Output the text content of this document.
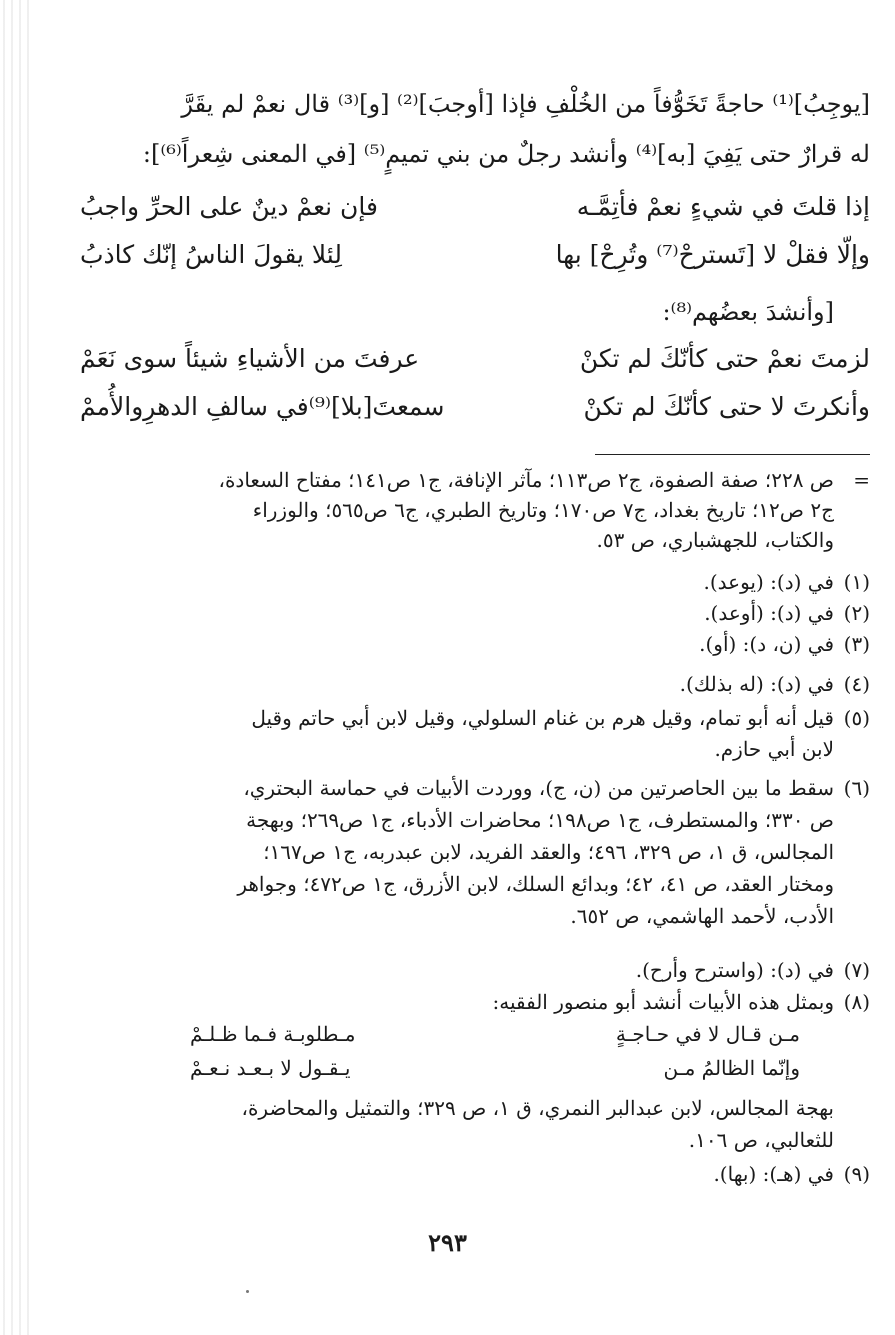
[يوجِبُ]⁽¹⁾ حاجةً تَخَوُّفاً من الخُلْفِ فإذا [أوجبَ]⁽²⁾ [و]⁽³⁾ قال نعمْ لم يقَرَّ
له قرارٌ حتى يَفِيَ [به]⁽⁴⁾ وأنشد رجلٌ من بني تميمٍ⁽⁵⁾ [في المعنى شِعراً⁽⁶⁾]:
إذا قلتَ في شيءٍ نعمْ فأتِمَّـه
فإن نعمْ دينٌ على الحرِّ واجبُ
وإلّا فقلْ لا [تَسترحْ⁽⁷⁾ وتُرِحْ] بها
لِئلا يقولَ الناسُ إنّك كاذبُ
[وأنشدَ بعضُهم⁽⁸⁾:
لزمتَ نعمْ حتى كأنّكَ لم تكنْ
عرفتَ من الأشياءِ شيئاً سوى نَعَمْ
وأنكرتَ لا حتى كأنّكَ لم تكنْ
سمعتَ[بلا]⁽⁹⁾في سالفِ الدهرِوالأُممْ
=
ص ٢٢٨؛ صفة الصفوة، ج٢ ص١١٣؛ مآثر الإنافة، ج١ ص١٤١؛ مفتاح السعادة،
ج٢ ص١٢؛ تاريخ بغداد، ج٧ ص١٧٠؛ وتاريخ الطبري، ج٦ ص٥٦٥؛ والوزراء
والكتاب، للجهشباري، ص ٥٣.
(١)
في (د): (يوعد).
(٢)
في (د): (أوعد).
(٣)
في (ن، د): (أو).
(٤)
في (د): (له بذلك).
(٥)
قيل أنه أبو تمام، وقيل هرم بن غنام السلولي، وقيل لابن أبي حاتم وقيل
لابن أبي حازم.
(٦)
سقط ما بين الحاصرتين من (ن، ج)، ووردت الأبيات في حماسة البحتري،
ص ٣٣٠؛ والمستطرف، ج١ ص١٩٨؛ محاضرات الأدباء، ج١ ص٢٦٩؛ وبهجة
المجالس، ق ١، ص ٣٢٩، ٤٩٦؛ والعقد الفريد، لابن عبدربه، ج١ ص١٦٧؛
ومختار العقد، ص ٤١، ٤٢؛ وبدائع السلك، لابن الأزرق، ج١ ص٤٧٢؛ وجواهر
الأدب، لأحمد الهاشمي، ص ٦٥٢.
(٧)
في (د): (واسترح وأرح).
(٨)
وبمثل هذه الأبيات أنشد أبو منصور الفقيه:
مـن قـال لا في حـاجـةٍ
مـطلوبـة فـما ظـلـمْ
وإنّما الظالمُ مـن
يـقـول لا بـعـد نـعـمْ
بهجة المجالس، لابن عبدالبر النمري، ق ١، ص ٣٢٩؛ والتمثيل والمحاضرة،
للثعالبي، ص ١٠٦.
(٩)
في (هـ): (بها).
٢٩٣
